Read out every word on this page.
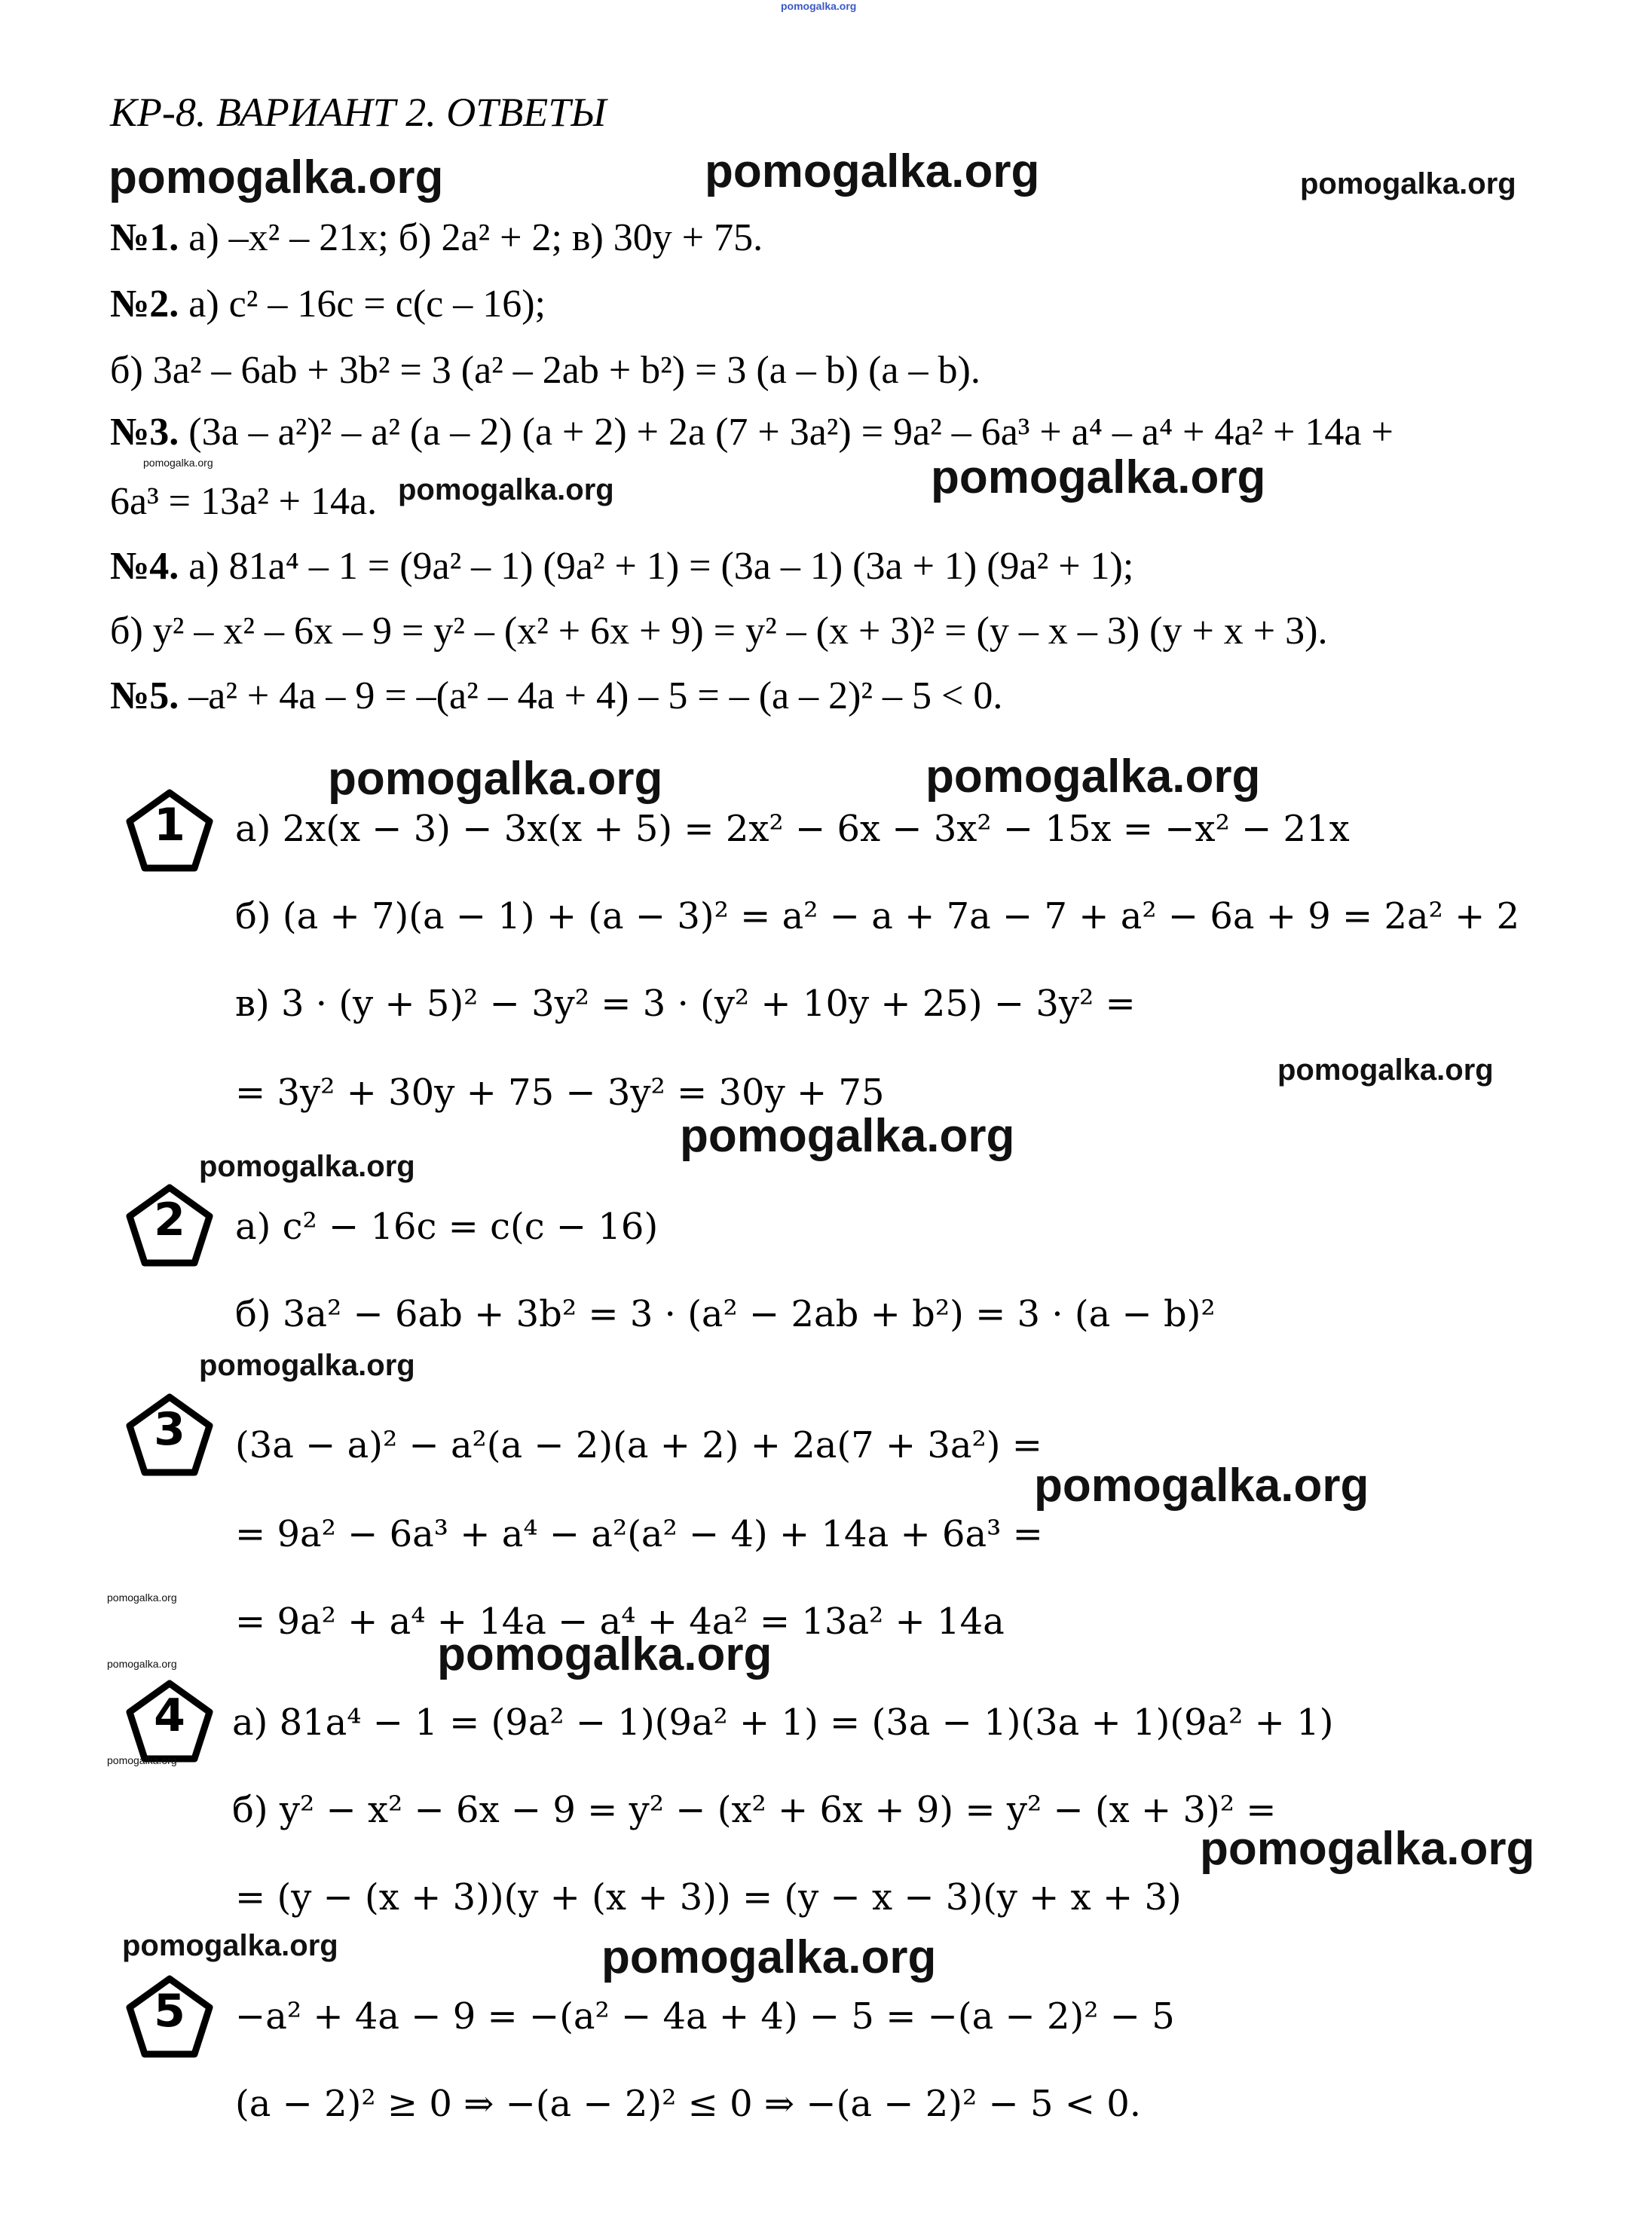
pomogalka.org
КР-8. ВАРИАНТ 2. ОТВЕТЫ
pomogalka.org	pomogalka.org	pomogalka.org
№1. а) –x² – 21x; б) 2a² + 2; в) 30y + 75.
№2. а) c² – 16c = c(c – 16);
б) 3a² – 6ab + 3b² = 3 (a² – 2ab + b²) = 3 (a – b) (a – b).
№3. (3a – a²)² – a² (a – 2) (a + 2) + 2a (7 + 3a²) = 9a² – 6a³ + a⁴ – a⁴ + 4a² + 14a +
pomogalka.org
6a³ = 13a² + 14a. pomogalka.org	pomogalka.org
№4. а) 81a⁴ – 1 = (9a² – 1) (9a² + 1) = (3a – 1) (3a + 1) (9a² + 1);
б) y² – x² – 6x – 9 = y² – (x² + 6x + 9) = y² – (x + 3)² = (y – x – 3) (y + x + 3).
№5. –a² + 4a – 9 = –(a² – 4a + 4) – 5 = – (a – 2)² – 5 < 0.
pomogalka.org	pomogalka.org
1	а) 2x(x − 3) − 3x(x + 5) = 2x² − 6x − 3x² − 15x = −x² − 21x
б) (a + 7)(a − 1) + (a − 3)² = a² − a + 7a − 7 + a² − 6a + 9 = 2a² + 2
в) 3 · (y + 5)² − 3y² = 3 · (y² + 10y + 25) − 3y² =
= 3y² + 30y + 75 − 3y² = 30y + 75
pomogalka.org
pomogalka.org
pomogalka.org
2	а) c² − 16c = c(c − 16)
б) 3a² − 6ab + 3b² = 3 · (a² − 2ab + b²) = 3 · (a − b)²
pomogalka.org
3	(3a − a)² − a²(a − 2)(a + 2) + 2a(7 + 3a²) =
pomogalka.org
= 9a² − 6a³ + a⁴ − a²(a² − 4) + 14a + 6a³ =
pomogalka.org
= 9a² + a⁴ + 14a − a⁴ + 4a² = 13a² + 14a
pomogalka.org	pomogalka.org
4
pomogalka.org
а) 81a⁴ − 1 = (9a² − 1)(9a² + 1) = (3a − 1)(3a + 1)(9a² + 1)
б) y² − x² − 6x − 9 = y² − (x² + 6x + 9) = y² − (x + 3)² =
pomogalka.org
= (y − (x + 3))(y + (x + 3)) = (y − x − 3)(y + x + 3)
pomogalka.org	pomogalka.org
5	−a² + 4a − 9 = −(a² − 4a + 4) − 5 = −(a − 2)² − 5
(a − 2)² ≥ 0 ⇒ −(a − 2)² ≤ 0 ⇒ −(a − 2)² − 5 < 0.
